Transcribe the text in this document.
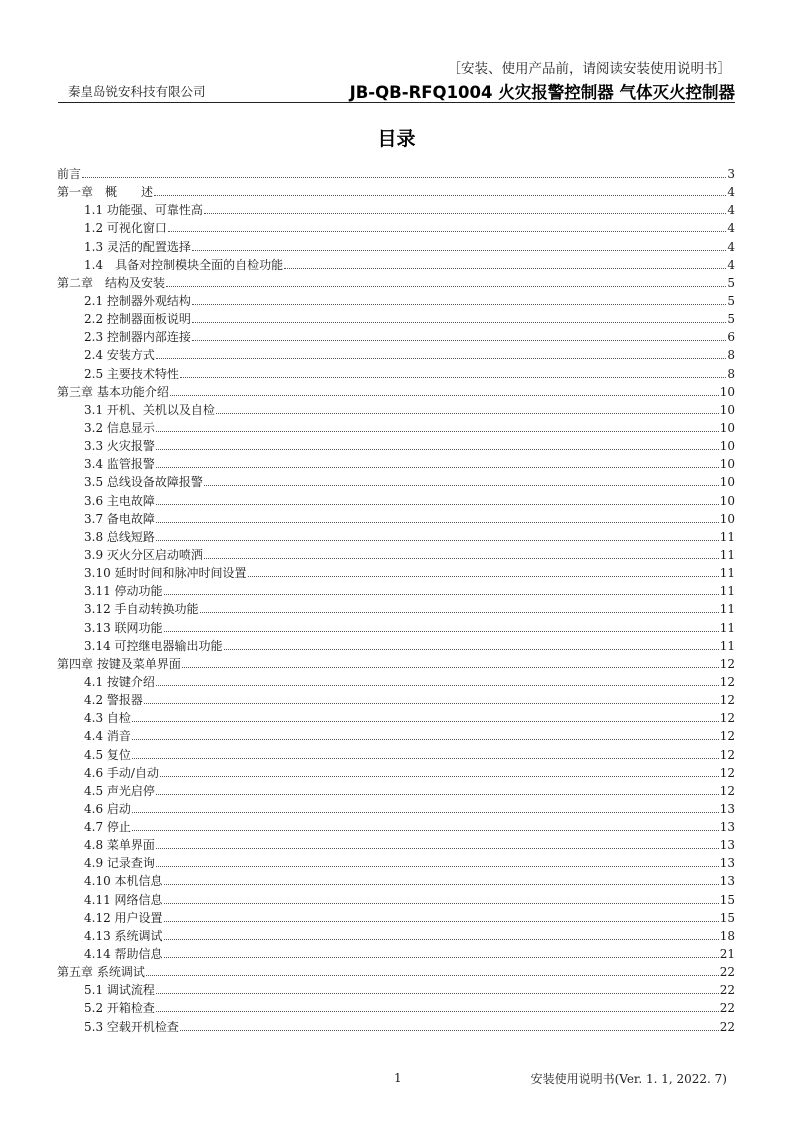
［安装、使用产品前，请阅读安装使用说明书］
秦皇岛锐安科技有限公司	JB-QB-RFQ1004 火灾报警控制器 气体灭火控制器
目录
前言	3
第一章　概　　述	4
1.1 功能强、可靠性高	4
1.2 可视化窗口	4
1.3 灵活的配置选择	4
1.4　具备对控制模块全面的自检功能	4
第二章　结构及安装	5
2.1 控制器外观结构	5
2.2 控制器面板说明	5
2.3 控制器内部连接	6
2.4 安装方式	8
2.5 主要技术特性	8
第三章 基本功能介绍	10
3.1 开机、关机以及自检	10
3.2 信息显示	10
3.3 火灾报警	10
3.4 监管报警	10
3.5 总线设备故障报警	10
3.6 主电故障	10
3.7 备电故障	10
3.8 总线短路	11
3.9 灭火分区启动喷洒	11
3.10 延时时间和脉冲时间设置	11
3.11 停动功能	11
3.12 手自动转换功能	11
3.13 联网功能	11
3.14 可控继电器输出功能	11
第四章 按键及菜单界面	12
4.1 按键介绍	12
4.2 警报器	12
4.3 自检	12
4.4 消音	12
4.5 复位	12
4.6 手动/自动	12
4.5 声光启停	12
4.6 启动	13
4.7 停止	13
4.8 菜单界面	13
4.9 记录查询	13
4.10 本机信息	13
4.11 网络信息	15
4.12 用户设置	15
4.13 系统调试	18
4.14 帮助信息	21
第五章 系统调试	22
5.1 调试流程	22
5.2 开箱检查	22
5.3 空载开机检查	22
1	安装使用说明书(Ver. 1. 1, 2022. 7)
